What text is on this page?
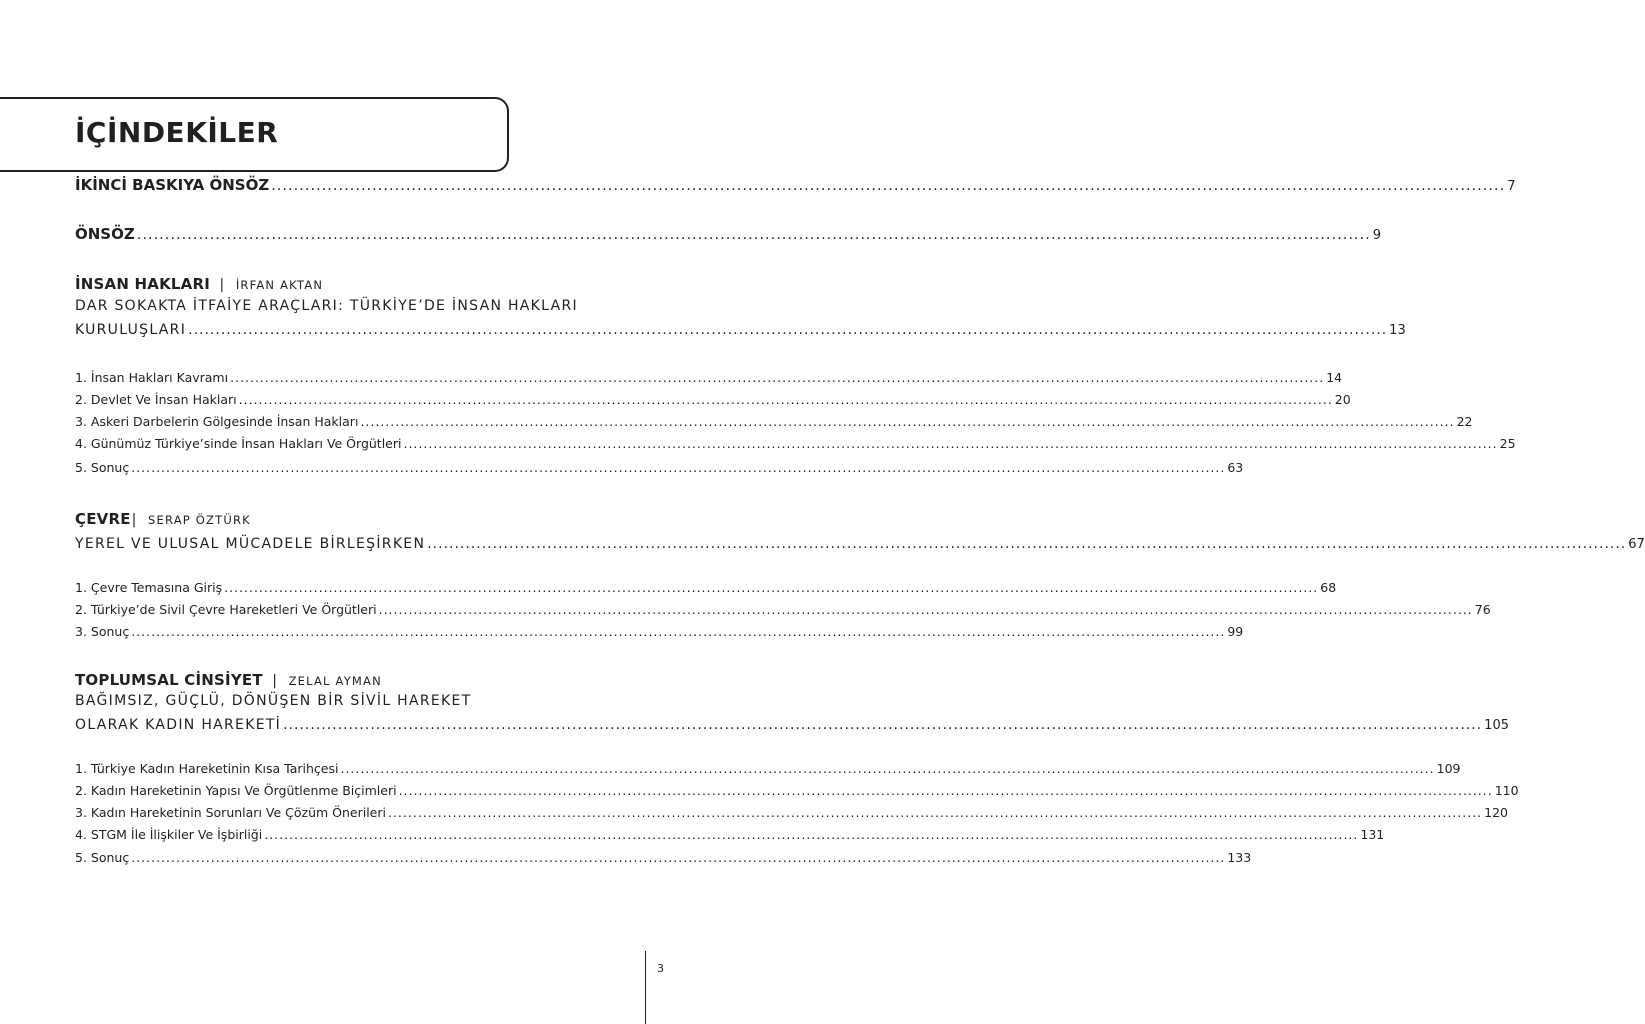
İÇİNDEKİLER
İKİNCİ BASKIYA ÖNSÖZ ............................................................................................................................................................................................................................ 7
ÖNSÖZ ............................................................................................................................................................................................................................ 9
İNSAN HAKLARI | İRFAN AKTAN
DAR SOKAKTA İTFAİYE ARAÇLARI: TÜRKİYE’DE İNSAN HAKLARI
KURULUŞLARI ............................................................................................................................................................................................................................ 13
1. İnsan Hakları Kavramı ............................................................................................................................................................................................................................ 14
2. Devlet Ve İnsan Hakları ............................................................................................................................................................................................................................ 20
3. Askeri Darbelerin Gölgesinde İnsan Hakları ............................................................................................................................................................................................................................ 22
4. Günümüz Türkiye’sinde İnsan Hakları Ve Örgütleri ............................................................................................................................................................................................................................ 25
5. Sonuç ............................................................................................................................................................................................................................ 63
ÇEVRE| SERAP ÖZTÜRK
YEREL VE ULUSAL MÜCADELE BİRLEŞİRKEN ............................................................................................................................................................................................................................ 67
1. Çevre Temasına Giriş ............................................................................................................................................................................................................................ 68
2. Türkiye’de Sivil Çevre Hareketleri Ve Örgütleri ............................................................................................................................................................................................................................ 76
3. Sonuç ............................................................................................................................................................................................................................ 99
TOPLUMSAL CİNSİYET | ZELAL AYMAN
BAĞIMSIZ, GÜÇLÜ, DÖNÜŞEN BİR SİVİL HAREKET
OLARAK KADIN HAREKETİ ............................................................................................................................................................................................................................ 105
1. Türkiye Kadın Hareketinin Kısa Tarihçesi ............................................................................................................................................................................................................................ 109
2. Kadın Hareketinin Yapısı Ve Örgütlenme Biçimleri ............................................................................................................................................................................................................................ 110
3. Kadın Hareketinin Sorunları Ve Çözüm Önerileri ............................................................................................................................................................................................................................ 120
4. STGM İle İlişkiler Ve İşbirliği ............................................................................................................................................................................................................................ 131
5. Sonuç ............................................................................................................................................................................................................................ 133
3
